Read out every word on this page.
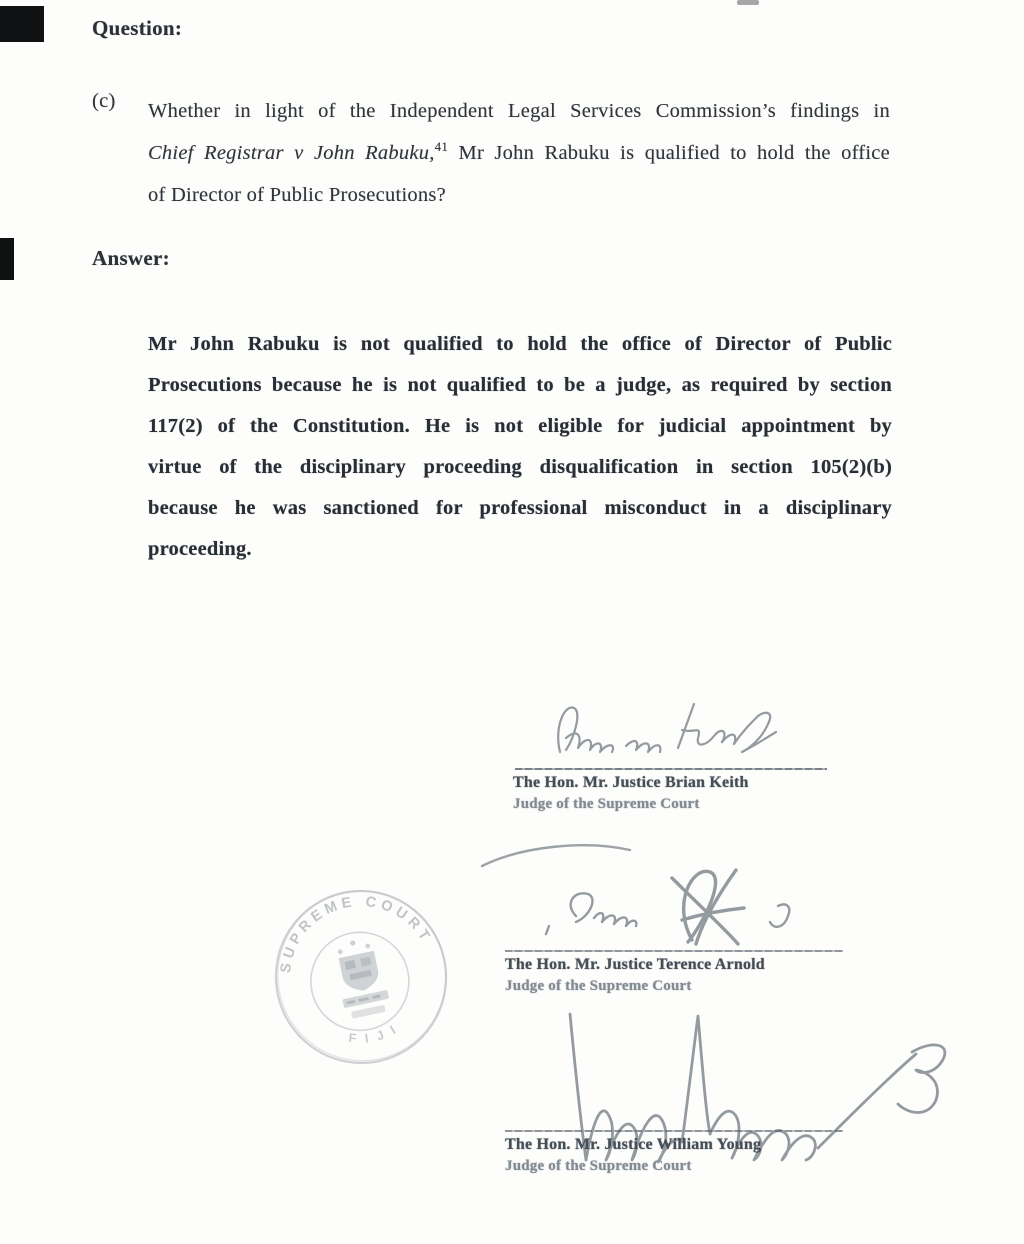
Question:
(c) Whether in light of the Independent Legal Services Commission’s findings in
Chief Registrar v John Rabuku,$^{41}$ Mr John Rabuku is qualified to hold the office
of Director of Public Prosecutions?
Answer:
Mr John Rabuku is not qualified to hold the office of Director of Public
Prosecutions because he is not qualified to be a judge, as required by section
117(2) of the Constitution. He is not eligible for judicial appointment by
virtue of the disciplinary proceeding disqualification in section 105(2)(b)
because he was sanctioned for professional misconduct in a disciplinary
proceeding.
SUPREME COURT
F I J I
The Hon. Mr. Justice Brian Keith
Judge of the Supreme Court
The Hon. Mr. Justice Terence Arnold
Judge of the Supreme Court
The Hon. Mr. Justice William Young
Judge of the Supreme Court
